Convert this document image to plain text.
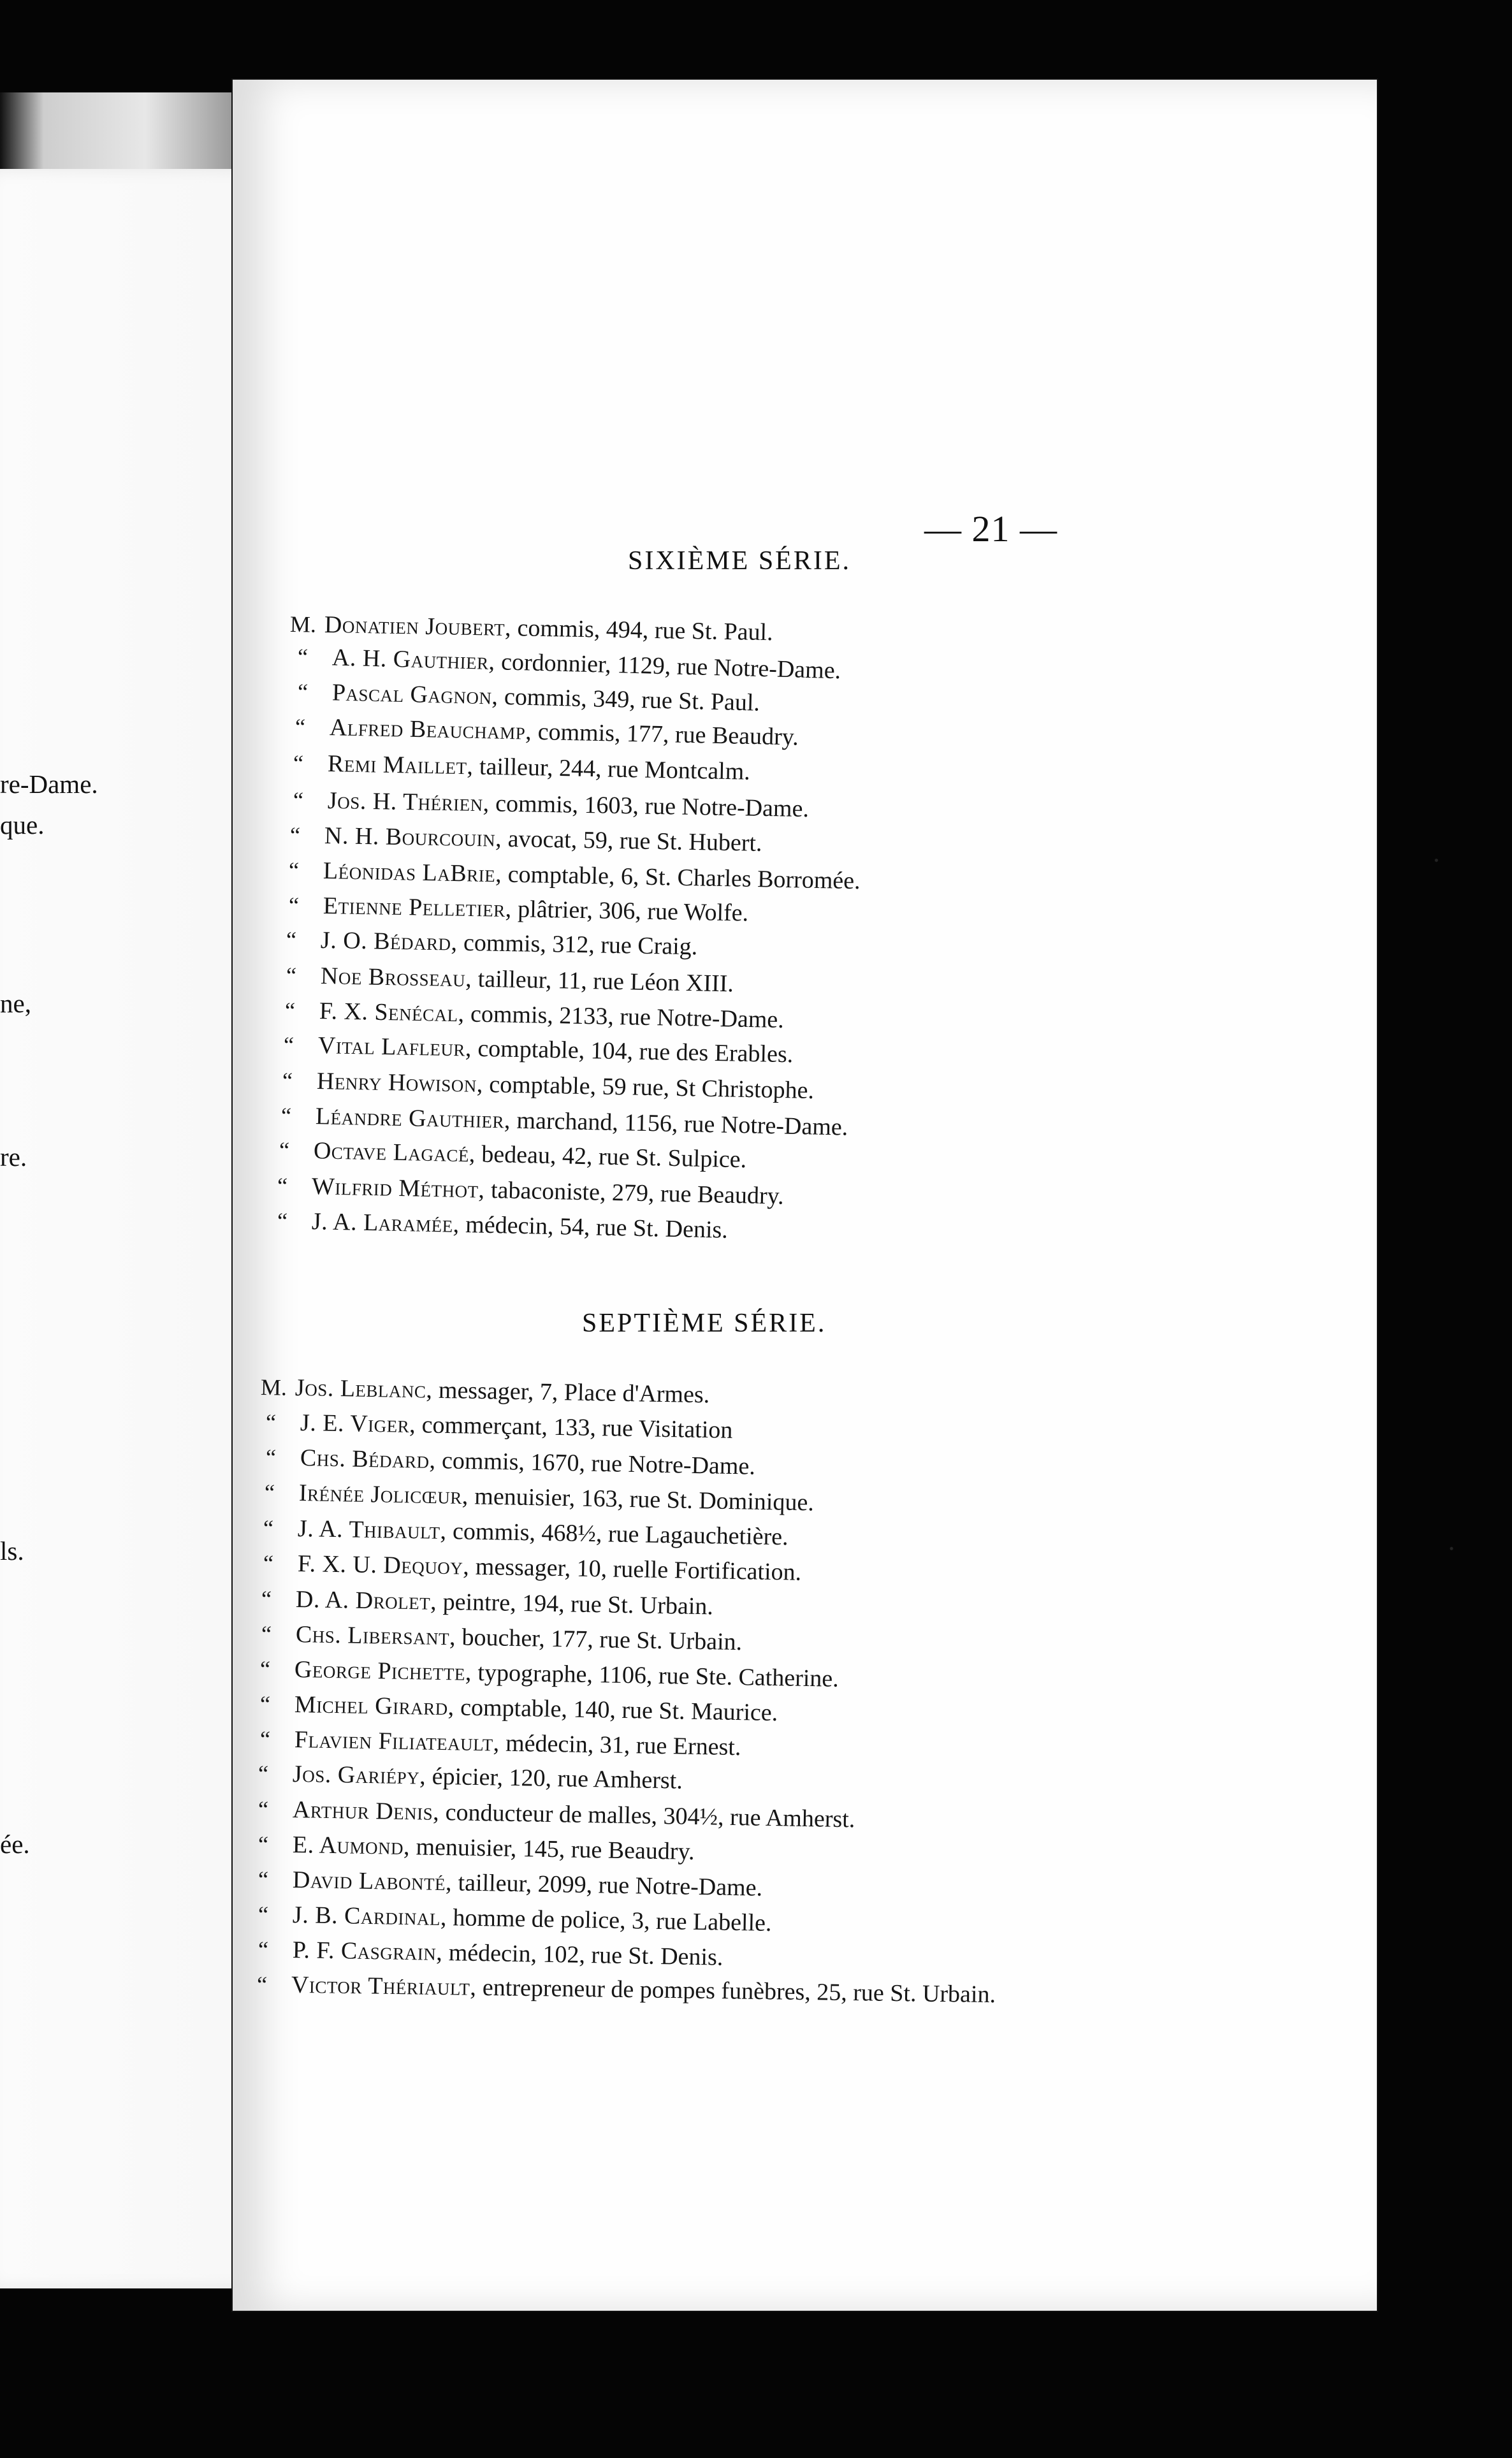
re-Dame.
que.
ne,
re.
ls.
ée.
— 21 —
SIXIÈME SÉRIE.
M. Donatien Joubert, commis, 494, rue St. Paul.
“ A. H. Gauthier, cordonnier, 1129, rue Notre-Dame.
“ Pascal Gagnon, commis, 349, rue St. Paul.
“ Alfred Beauchamp, commis, 177, rue Beaudry.
“ Remi Maillet, tailleur, 244, rue Montcalm.
“ Jos. H. Thérien, commis, 1603, rue Notre-Dame.
“ N. H. Bourcouin, avocat, 59, rue St. Hubert.
“ Léonidas LaBrie, comptable, 6, St. Charles Borromée.
“ Etienne Pelletier, plâtrier, 306, rue Wolfe.
“ J. O. Bédard, commis, 312, rue Craig.
“ Noe Brosseau, tailleur, 11, rue Léon XIII.
“ F. X. Senécal, commis, 2133, rue Notre-Dame.
“ Vital Lafleur, comptable, 104, rue des Erables.
“ Henry Howison, comptable, 59 rue, St Christophe.
“ Léandre Gauthier, marchand, 1156, rue Notre-Dame.
“ Octave Lagacé, bedeau, 42, rue St. Sulpice.
“ Wilfrid Méthot, tabaconiste, 279, rue Beaudry.
“ J. A. Laramée, médecin, 54, rue St. Denis.
SEPTIÈME SÉRIE.
M. Jos. Leblanc, messager, 7, Place d'Armes.
“ J. E. Viger, commerçant, 133, rue Visitation
“ Chs. Bédard, commis, 1670, rue Notre-Dame.
“ Irénée Jolicœur, menuisier, 163, rue St. Dominique.
“ J. A. Thibault, commis, 468½, rue Lagauchetière.
“ F. X. U. Dequoy, messager, 10, ruelle Fortification.
“ D. A. Drolet, peintre, 194, rue St. Urbain.
“ Chs. Libersant, boucher, 177, rue St. Urbain.
“ George Pichette, typographe, 1106, rue Ste. Catherine.
“ Michel Girard, comptable, 140, rue St. Maurice.
“ Flavien Filiateault, médecin, 31, rue Ernest.
“ Jos. Gariépy, épicier, 120, rue Amherst.
“ Arthur Denis, conducteur de malles, 304½, rue Amherst.
“ E. Aumond, menuisier, 145, rue Beaudry.
“ David Labonté, tailleur, 2099, rue Notre-Dame.
“ J. B. Cardinal, homme de police, 3, rue Labelle.
“ P. F. Casgrain, médecin, 102, rue St. Denis.
“ Victor Thériault, entrepreneur de pompes funèbres, 25, rue St. Urbain.
